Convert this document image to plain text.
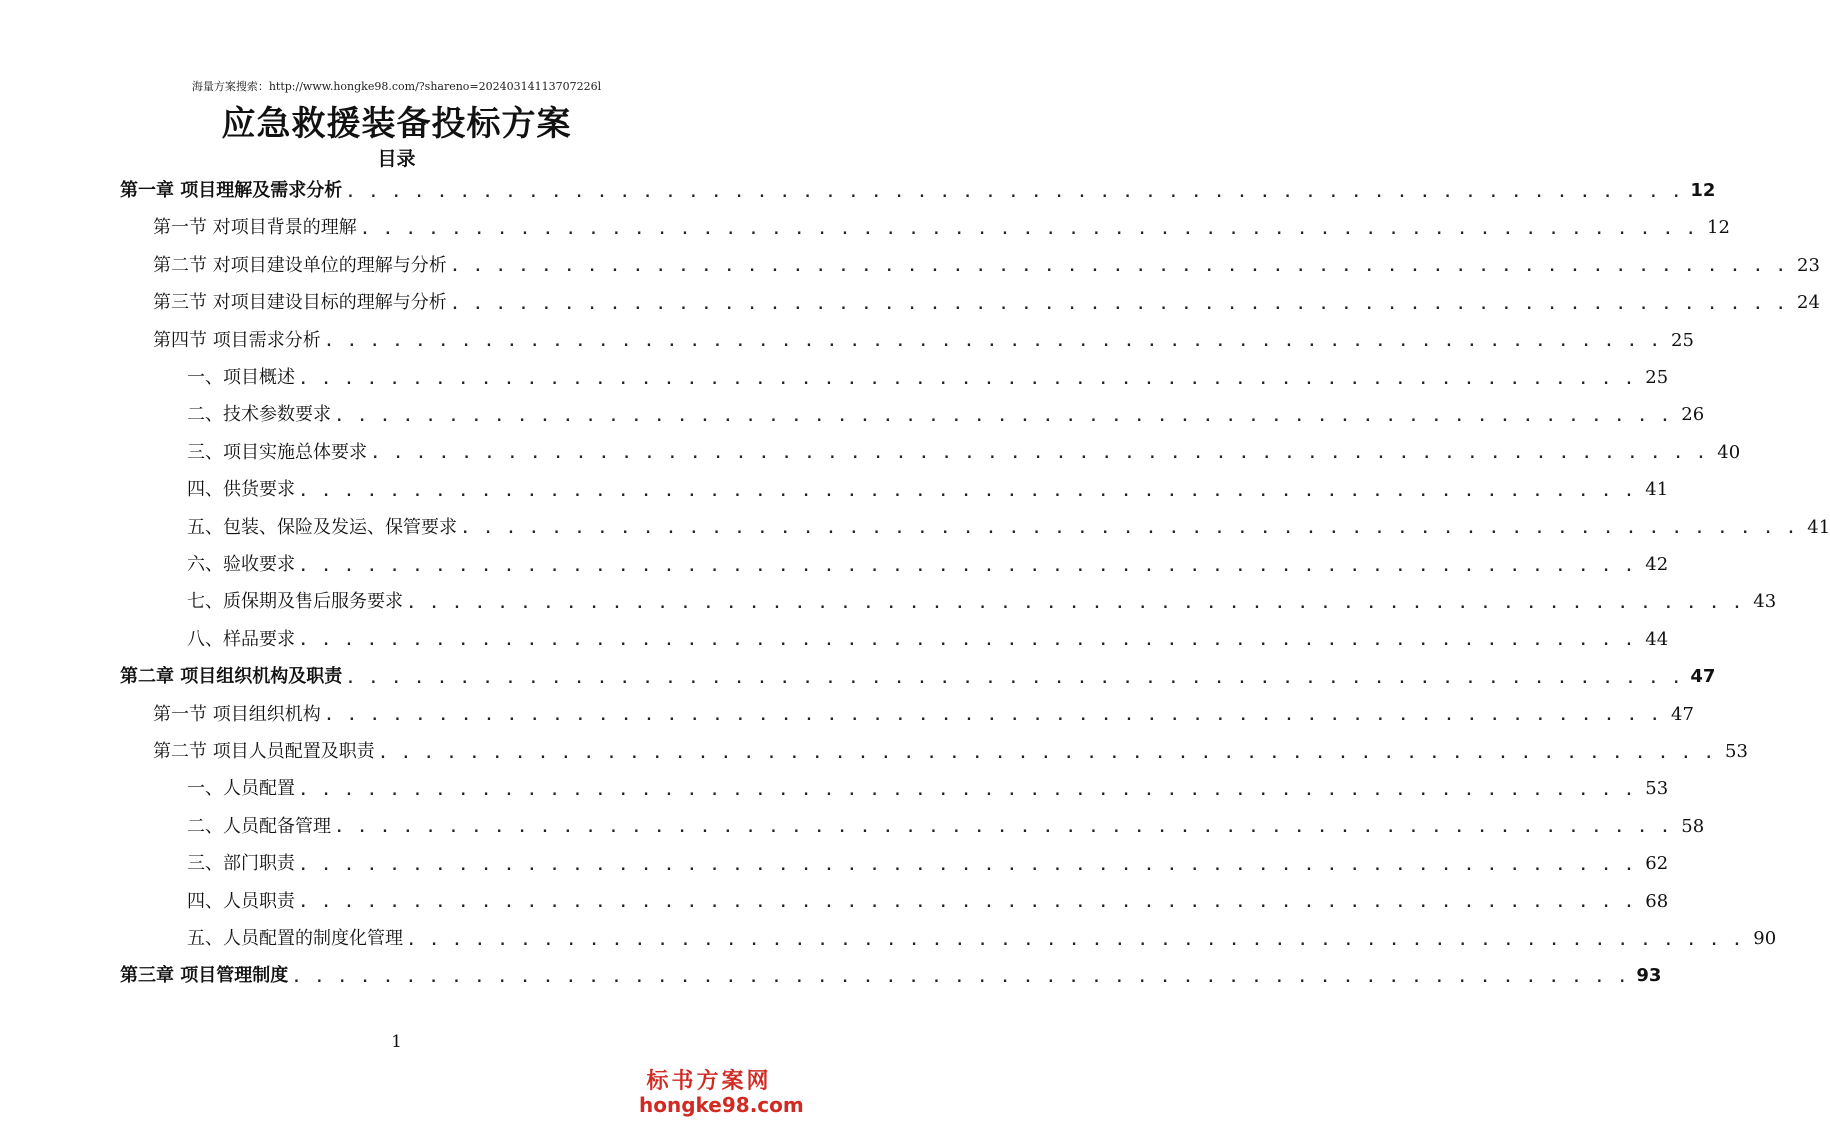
海量方案搜索：http://www.hongke98.com/?shareno=20240314113707226l
应急救援装备投标方案
目录
第一章 项目理解及需求分析 . . . . . . . . . . . . . . . . . . . . . . . . . . . . . . . . . . . . . . . . . . . . . . . . . . . . . . . . . . . 12
第一节 对项目背景的理解 . . . . . . . . . . . . . . . . . . . . . . . . . . . . . . . . . . . . . . . . . . . . . . . . . . . . . . . . . . . 12
第二节 对项目建设单位的理解与分析 . . . . . . . . . . . . . . . . . . . . . . . . . . . . . . . . . . . . . . . . . . . . . . . . . . . . . . . . . . . 23
第三节 对项目建设目标的理解与分析 . . . . . . . . . . . . . . . . . . . . . . . . . . . . . . . . . . . . . . . . . . . . . . . . . . . . . . . . . . . 24
第四节 项目需求分析 . . . . . . . . . . . . . . . . . . . . . . . . . . . . . . . . . . . . . . . . . . . . . . . . . . . . . . . . . . . 25
一、项目概述 . . . . . . . . . . . . . . . . . . . . . . . . . . . . . . . . . . . . . . . . . . . . . . . . . . . . . . . . . . . 25
二、技术参数要求 . . . . . . . . . . . . . . . . . . . . . . . . . . . . . . . . . . . . . . . . . . . . . . . . . . . . . . . . . . . 26
三、项目实施总体要求 . . . . . . . . . . . . . . . . . . . . . . . . . . . . . . . . . . . . . . . . . . . . . . . . . . . . . . . . . . . 40
四、供货要求 . . . . . . . . . . . . . . . . . . . . . . . . . . . . . . . . . . . . . . . . . . . . . . . . . . . . . . . . . . . 41
五、包装、保险及发运、保管要求 . . . . . . . . . . . . . . . . . . . . . . . . . . . . . . . . . . . . . . . . . . . . . . . . . . . . . . . . . . . 41
六、验收要求 . . . . . . . . . . . . . . . . . . . . . . . . . . . . . . . . . . . . . . . . . . . . . . . . . . . . . . . . . . . 42
七、质保期及售后服务要求 . . . . . . . . . . . . . . . . . . . . . . . . . . . . . . . . . . . . . . . . . . . . . . . . . . . . . . . . . . . 43
八、样品要求 . . . . . . . . . . . . . . . . . . . . . . . . . . . . . . . . . . . . . . . . . . . . . . . . . . . . . . . . . . . 44
第二章 项目组织机构及职责 . . . . . . . . . . . . . . . . . . . . . . . . . . . . . . . . . . . . . . . . . . . . . . . . . . . . . . . . . . . 47
第一节 项目组织机构 . . . . . . . . . . . . . . . . . . . . . . . . . . . . . . . . . . . . . . . . . . . . . . . . . . . . . . . . . . . 47
第二节 项目人员配置及职责 . . . . . . . . . . . . . . . . . . . . . . . . . . . . . . . . . . . . . . . . . . . . . . . . . . . . . . . . . . . 53
一、人员配置 . . . . . . . . . . . . . . . . . . . . . . . . . . . . . . . . . . . . . . . . . . . . . . . . . . . . . . . . . . . 53
二、人员配备管理 . . . . . . . . . . . . . . . . . . . . . . . . . . . . . . . . . . . . . . . . . . . . . . . . . . . . . . . . . . . 58
三、部门职责 . . . . . . . . . . . . . . . . . . . . . . . . . . . . . . . . . . . . . . . . . . . . . . . . . . . . . . . . . . . 62
四、人员职责 . . . . . . . . . . . . . . . . . . . . . . . . . . . . . . . . . . . . . . . . . . . . . . . . . . . . . . . . . . . 68
五、人员配置的制度化管理 . . . . . . . . . . . . . . . . . . . . . . . . . . . . . . . . . . . . . . . . . . . . . . . . . . . . . . . . . . . 90
第三章 项目管理制度 . . . . . . . . . . . . . . . . . . . . . . . . . . . . . . . . . . . . . . . . . . . . . . . . . . . . . . . . . . . 93
1
标书方案网
hongke98.com
